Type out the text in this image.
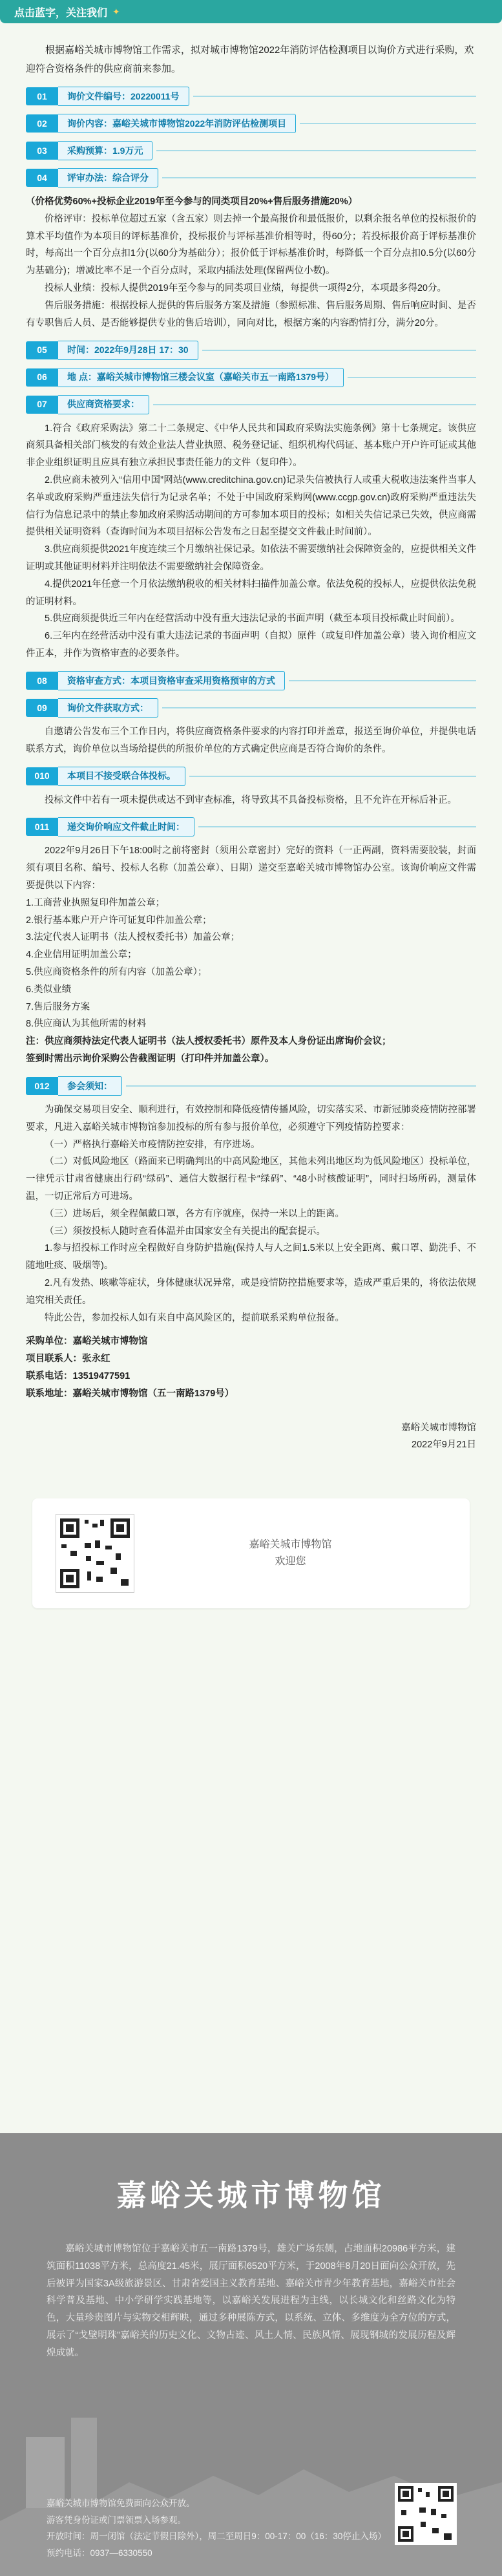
点击蓝字，关注我们 ✦

根据嘉峪关城市博物馆工作需求，拟对城市博物馆2022年消防评估检测项目以询价方式进行采购，欢迎符合资格条件的供应商前来参加。

01	询价文件编号：20220011号
02	询价内容：嘉峪关城市博物馆2022年消防评估检测项目
03	采购预算：1.9万元
04	评审办法：综合评分

（价格优势60%+投标企业2019年至今参与的同类项目20%+售后服务措施20%）

价格评审：投标单位超过五家（含五家）则去掉一个最高报价和最低报价，以剩余报名单位的投标报价的算术平均值作为本项目的评标基准价，投标报价与评标基准价相等时，得60分；若投标报价高于评标基准价时，每高出一个百分点扣1分(以60分为基础分）；报价低于评标基准价时，每降低一个百分点扣0.5分(以60分为基础分)；增减比率不足一个百分点时，采取内插法处理(保留两位小数)。

投标人业绩：投标人提供2019年至今参与的同类项目业绩，每提供一项得2分，本项最多得20分。

售后服务措施：根据投标人提供的售后服务方案及措施（参照标准、售后服务周期、售后响应时间、是否有专职售后人员、是否能够提供专业的售后培训），同向对比，根据方案的内容酌情打分，满分20分。

05	时间：2022年9月28日 17：30
06	地 点：嘉峪关城市博物馆三楼会议室（嘉峪关市五一南路1379号）
07	供应商资格要求：

1.符合《政府采购法》第二十二条规定、《中华人民共和国政府采购法实施条例》第十七条规定。该供应商须具备相关部门核发的有效企业法人营业执照、税务登记证、组织机构代码证、基本账户开户许可证或其他非企业组织证明且应具有独立承担民事责任能力的文件（复印件）。

2.供应商未被列入“信用中国”网站(www.creditchina.gov.cn)记录失信被执行人或重大税收违法案件当事人名单或政府采购严重违法失信行为记录名单；不处于中国政府采购网(www.ccgp.gov.cn)政府采购严重违法失信行为信息记录中的禁止参加政府采购活动期间的方可参加本项目的投标；如相关失信记录已失效，供应商需提供相关证明资料（查询时间为本项目招标公告发布之日起至提交文件截止时间前）。

3.供应商须提供2021年度连续三个月缴纳社保记录。如依法不需要缴纳社会保障资金的，应提供相关文件证明或其他证明材料并注明依法不需要缴纳社会保障资金。

4.提供2021年任意一个月依法缴纳税收的相关材料扫描件加盖公章。依法免税的投标人，应提供依法免税的证明材料。

5.供应商须提供近三年内在经营活动中没有重大违法记录的书面声明（截至本项目投标截止时间前）。

6.三年内在经营活动中没有重大违法记录的书面声明（自拟）原件（或复印件加盖公章）装入询价相应文件正本，并作为资格审查的必要条件。

08	资格审查方式：本项目资格审查采用资格预审的方式
09	询价文件获取方式：

自邀请公告发布三个工作日内，将供应商资格条件要求的内容打印并盖章，报送至询价单位，并提供电话联系方式，询价单位以当场给提供的所报价单位的方式确定供应商是否符合询价的条件。

010	本项目不接受联合体投标。

投标文件中若有一项未提供或达不到审查标准，将导致其不具备投标资格，且不允许在开标后补正。

011	递交询价响应文件截止时间：

2022年9月26日下午18:00时之前将密封（须用公章密封）完好的资料（一正两副，资料需要胶装，封面须有项目名称、编号、投标人名称（加盖公章）、日期）递交至嘉峪关城市博物馆办公室。该询价响应文件需要提供以下内容：

1.工商营业执照复印件加盖公章；

2.银行基本账户开户许可证复印件加盖公章；

3.法定代表人证明书（法人授权委托书）加盖公章；

4.企业信用证明加盖公章；

5.供应商资格条件的所有内容（加盖公章）；

6.类似业绩

7.售后服务方案

8.供应商认为其他所需的材料

注：供应商须持法定代表人证明书（法人授权委托书）原件及本人身份证出席询价会议；

签到时需出示询价采购公告截图证明（打印件并加盖公章）。

012	参会须知：

为确保交易项目安全、顺利进行，有效控制和降低疫情传播风险，切实落实采、市新冠肺炎疫情防控部署要求，凡进入嘉峪关城市博物馆参加投标的所有参与报价单位，必须遵守下列疫情防控要求：

（一）严格执行嘉峪关市疫情防控安排，有序进场。

（二）对低风险地区（路面来已明确判出的中高风险地区，其他未列出地区均为低风险地区）投标单位，一律凭示甘肃省健康出行码“绿码”、通信大数据行程卡“绿码”、“48小时核酸证明”，同时扫场所码，测量体温，一切正常后方可进场。

（三）进场后，须全程佩戴口罩，各方有序就座，保持一米以上的距离。

（三）须按投标人随时查看体温并由国家安全有关提出的配套提示。

1.参与招投标工作时应全程做好自身防护措施(保持人与人之间1.5米以上安全距离、戴口罩、勤洗手、不随地吐痰、吸烟等)。

2.凡有发热、咳嗽等症状，身体健康状况异常，或是疫情防控措施要求等，造成严重后果的，将依法依规追究相关责任。

特此公告，参加投标人如有来自中高风险区的，提前联系采购单位报备。

采购单位：嘉峪关城市博物馆
项目联系人：张永红
联系电话：13519477591
联系地址：嘉峪关城市博物馆（五一南路1379号）
嘉峪关城市博物馆
2022年9月21日
嘉峪关城市博物馆
欢迎您
嘉峪关城市博物馆

嘉峪关城市博物馆位于嘉峪关市五一南路1379号，雄关广场东侧，占地面积20986平方米，建筑面积11038平方米，总高度21.45米，展厅面积6520平方米，于2008年8月20日面向公众开放，先后被评为国家3A级旅游景区、甘肃省爱国主义教育基地、嘉峪关市青少年教育基地，嘉峪关市社会科学普及基地、中小学研学实践基地等，以嘉峪关发展进程为主线，以长城文化和丝路文化为特色，大量珍贵图片与实物交相辉映，通过多种展陈方式，以系统、立体、多维度为全方位的方式，展示了“戈壁明珠”嘉峪关的历史文化、文物古迹、风土人情、民族风情、展现钢城的发展历程及辉煌成就。

嘉峪关城市博物馆免费面向公众开放。
游客凭身份证或门票领票入场参观。
开放时间：周一闭馆（法定节假日除外），周二至周日9：00-17：00（16：30停止入场）
预约电话：0937—6330550
